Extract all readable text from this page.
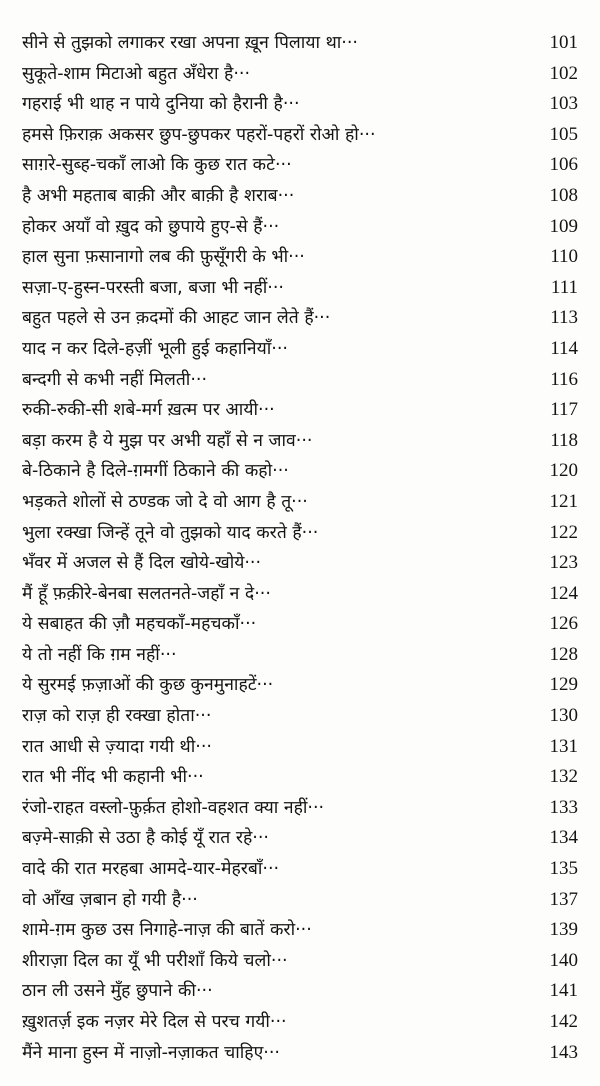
सीने से तुझको लगाकर रखा अपना ख़ून पिलाया था···	101
सुकूते-शाम मिटाओ बहुत अँधेरा है···	102
गहराई भी थाह न पाये दुनिया को हैरानी है···	103
हमसे फ़िराक़ अकसर छुप-छुपकर पहरों-पहरों रोओ हो···	105
साग़रे-सुब्ह-चकाँ लाओ कि कुछ रात कटे···	106
है अभी महताब बाक़ी और बाक़ी है शराब···	108
होकर अयाँ वो ख़ुद को छुपाये हुए-से हैं···	109
हाल सुना फ़सानागो लब की फ़ुसूँगरी के भी···	110
सज़ा-ए-हुस्न-परस्ती बजा, बजा भी नहीं···	111
बहुत पहले से उन क़दमों की आहट जान लेते हैं···	113
याद न कर दिले-हज़ीं भूली हुई कहानियाँ···	114
बन्दगी से कभी नहीं मिलती···	116
रुकी-रुकी-सी शबे-मर्ग ख़त्म पर आयी···	117
बड़ा करम है ये मुझ पर अभी यहाँ से न जाव···	118
बे-ठिकाने है दिले-ग़मगीं ठिकाने की कहो···	120
भड़कते शोलों से ठण्डक जो दे वो आग है तू···	121
भुला रक्खा जिन्हें तूने वो तुझको याद करते हैं···	122
भँवर में अजल से हैं दिल खोये-खोये···	123
मैं हूँ फ़क़ीरे-बेनबा सलतनते-जहाँ न दे···	124
ये सबाहत की ज़ौ महचकाँ-महचकाँ···	126
ये तो नहीं कि ग़म नहीं···	128
ये सुरमई फ़ज़ाओं की कुछ कुनमुनाहटें···	129
राज़ को राज़ ही रक्खा होता···	130
रात आधी से ज़्यादा गयी थी···	131
रात भी नींद भी कहानी भी···	132
रंजो-राहत वस्लो-फ़ुर्क़त होशो-वहशत क्या नहीं···	133
बज़्मे-साक़ी से उठा है कोई यूँ रात रहे···	134
वादे की रात मरहबा आमदे-यार-मेहरबाँ···	135
वो आँख ज़बान हो गयी है···	137
शामे-ग़म कुछ उस निगाहे-नाज़ की बातें करो···	139
शीराज़ा दिल का यूँ भी परीशाँ किये चलो···	140
ठान ली उसने मुँह छुपाने की···	141
ख़ुशतर्ज़ इक नज़र मेरे दिल से परच गयी···	142
मैंने माना हुस्न में नाज़ो-नज़ाकत चाहिए···	143
